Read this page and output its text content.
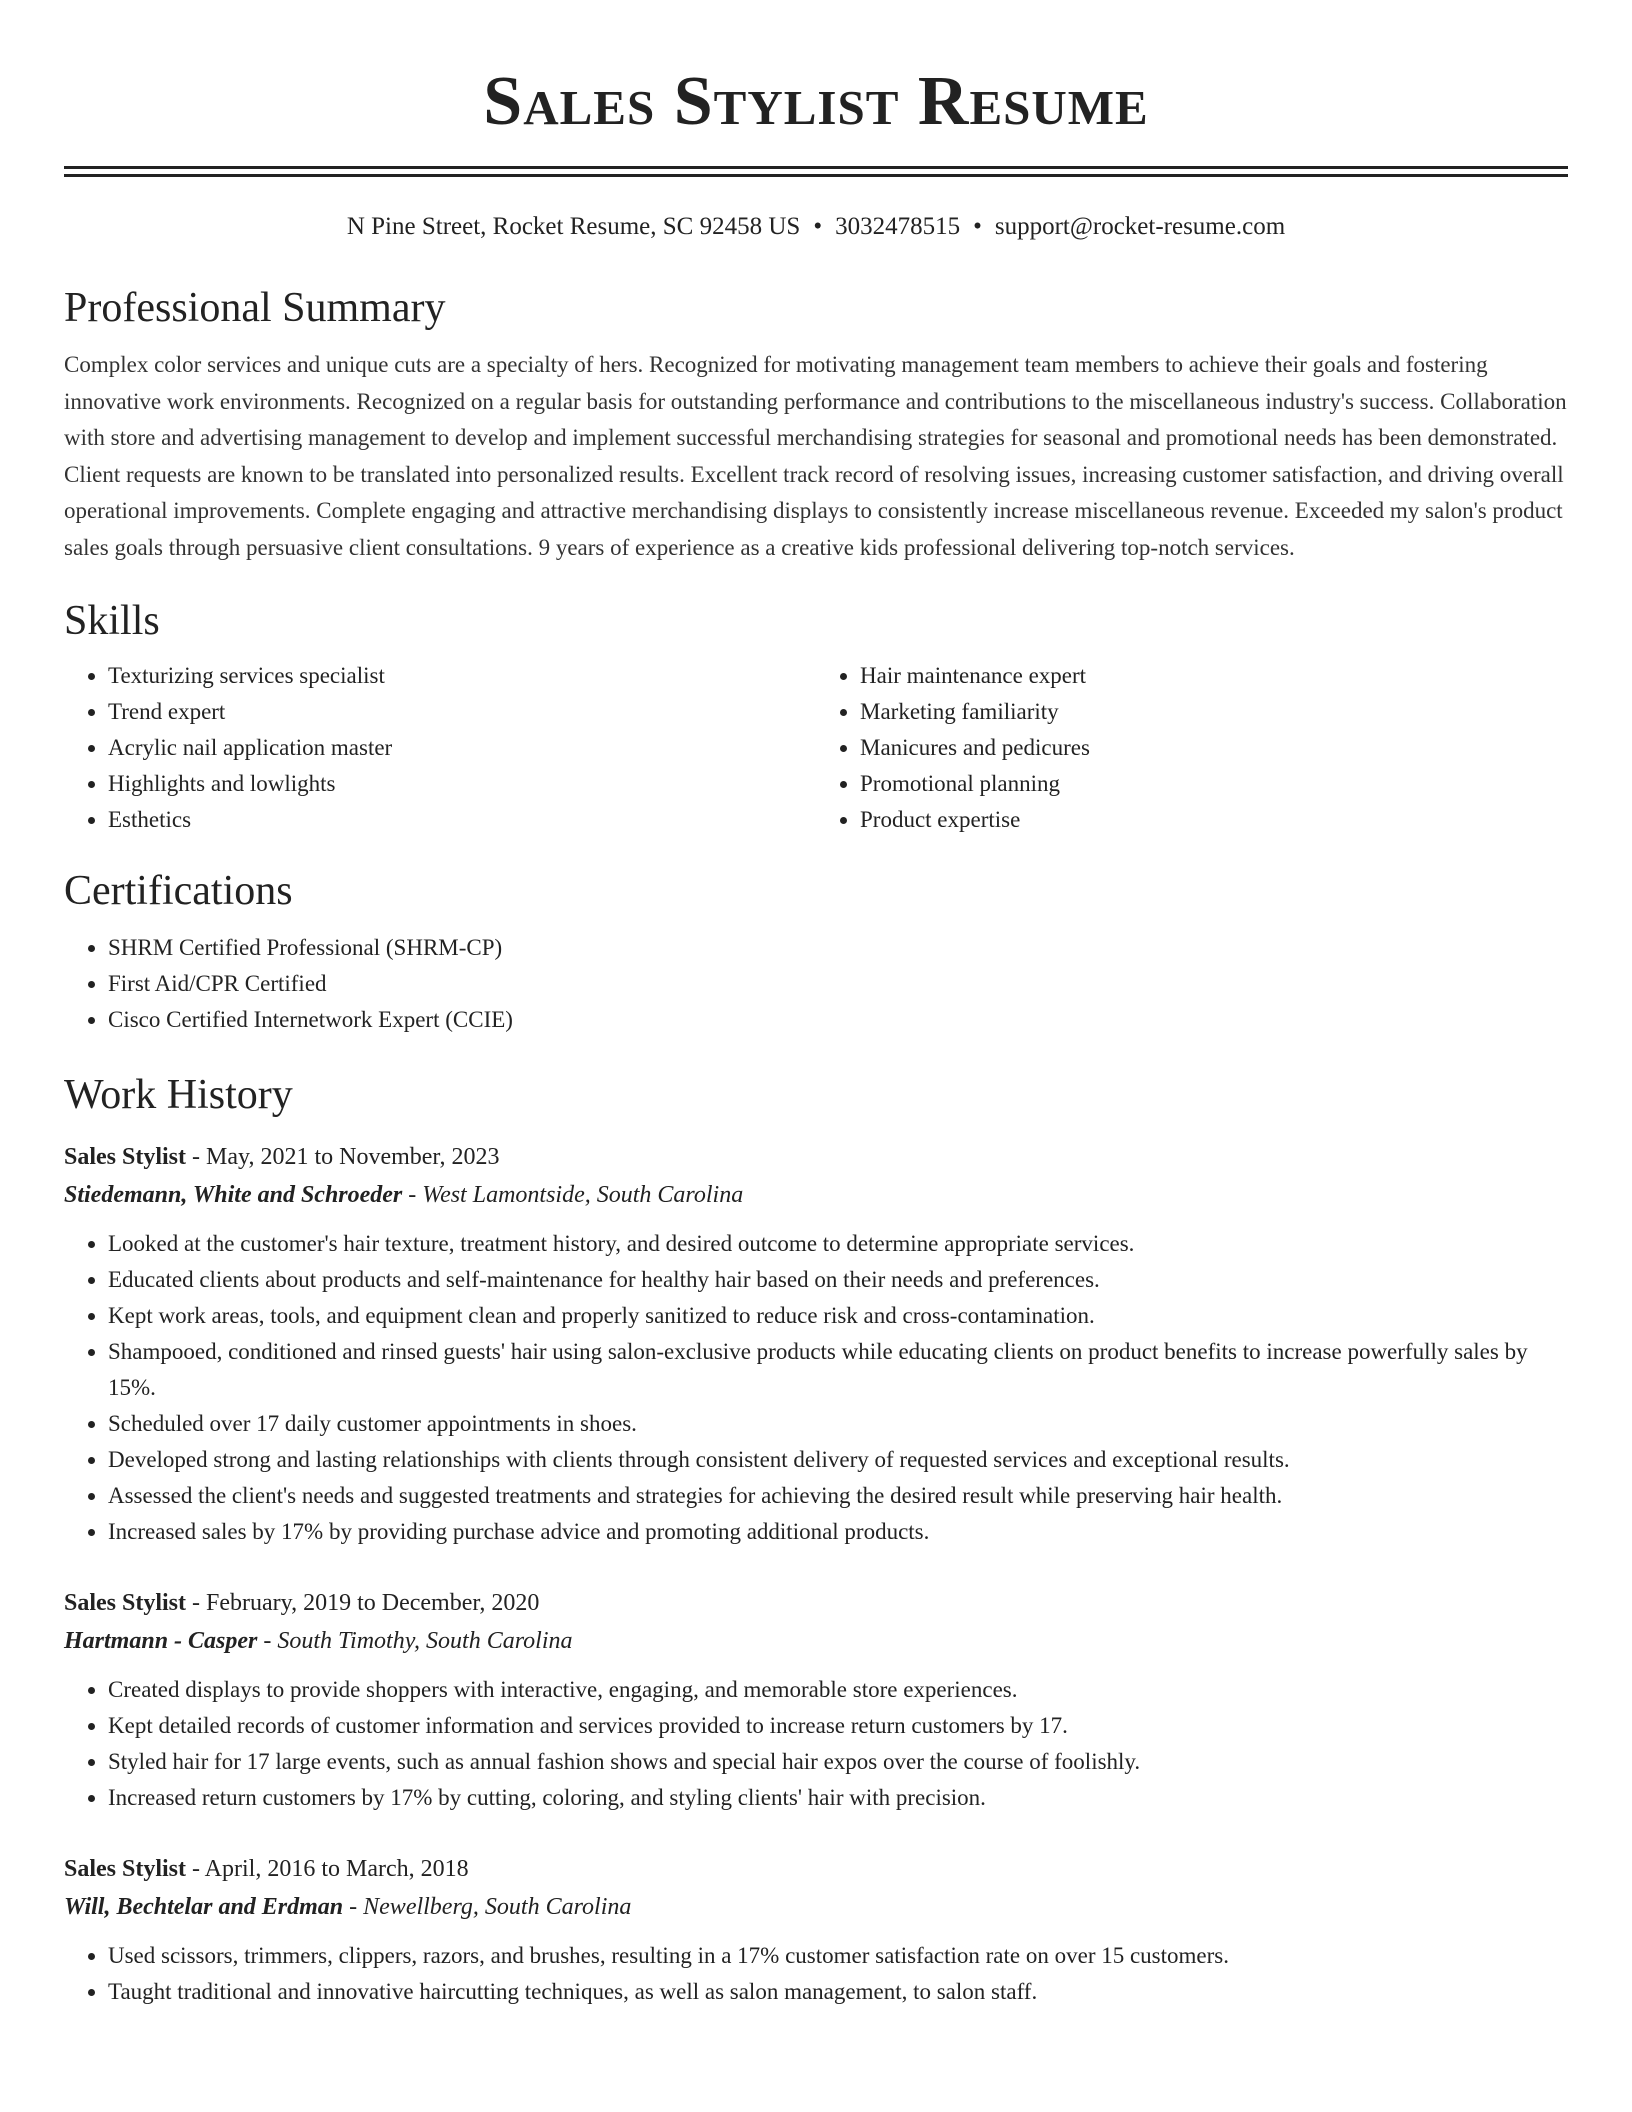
Sales Stylist Resume
N Pine Street, Rocket Resume, SC 92458 US • 3032478515 • support@rocket-resume.com
Professional Summary
Complex color services and unique cuts are a specialty of hers. Recognized for motivating management team members to achieve their goals and fostering innovative work environments. Recognized on a regular basis for outstanding performance and contributions to the miscellaneous industry's success. Collaboration with store and advertising management to develop and implement successful merchandising strategies for seasonal and promotional needs has been demonstrated. Client requests are known to be translated into personalized results. Excellent track record of resolving issues, increasing customer satisfaction, and driving overall operational improvements. Complete engaging and attractive merchandising displays to consistently increase miscellaneous revenue. Exceeded my salon's product sales goals through persuasive client consultations. 9 years of experience as a creative kids professional delivering top-notch services.
Skills
• Texturizing services specialist
• Trend expert
• Acrylic nail application master
• Highlights and lowlights
• Esthetics
• Hair maintenance expert
• Marketing familiarity
• Manicures and pedicures
• Promotional planning
• Product expertise
Certifications
• SHRM Certified Professional (SHRM-CP)
• First Aid/CPR Certified
• Cisco Certified Internetwork Expert (CCIE)
Work History
Sales Stylist - May, 2021 to November, 2023
Stiedemann, White and Schroeder - West Lamontside, South Carolina
• Looked at the customer's hair texture, treatment history, and desired outcome to determine appropriate services.
• Educated clients about products and self-maintenance for healthy hair based on their needs and preferences.
• Kept work areas, tools, and equipment clean and properly sanitized to reduce risk and cross-contamination.
• Shampooed, conditioned and rinsed guests' hair using salon-exclusive products while educating clients on product benefits to increase powerfully sales by 15%.
• Scheduled over 17 daily customer appointments in shoes.
• Developed strong and lasting relationships with clients through consistent delivery of requested services and exceptional results.
• Assessed the client's needs and suggested treatments and strategies for achieving the desired result while preserving hair health.
• Increased sales by 17% by providing purchase advice and promoting additional products.
Sales Stylist - February, 2019 to December, 2020
Hartmann - Casper - South Timothy, South Carolina
• Created displays to provide shoppers with interactive, engaging, and memorable store experiences.
• Kept detailed records of customer information and services provided to increase return customers by 17.
• Styled hair for 17 large events, such as annual fashion shows and special hair expos over the course of foolishly.
• Increased return customers by 17% by cutting, coloring, and styling clients' hair with precision.
Sales Stylist - April, 2016 to March, 2018
Will, Bechtelar and Erdman - Newellberg, South Carolina
• Used scissors, trimmers, clippers, razors, and brushes, resulting in a 17% customer satisfaction rate on over 15 customers.
• Taught traditional and innovative haircutting techniques, as well as salon management, to salon staff.
